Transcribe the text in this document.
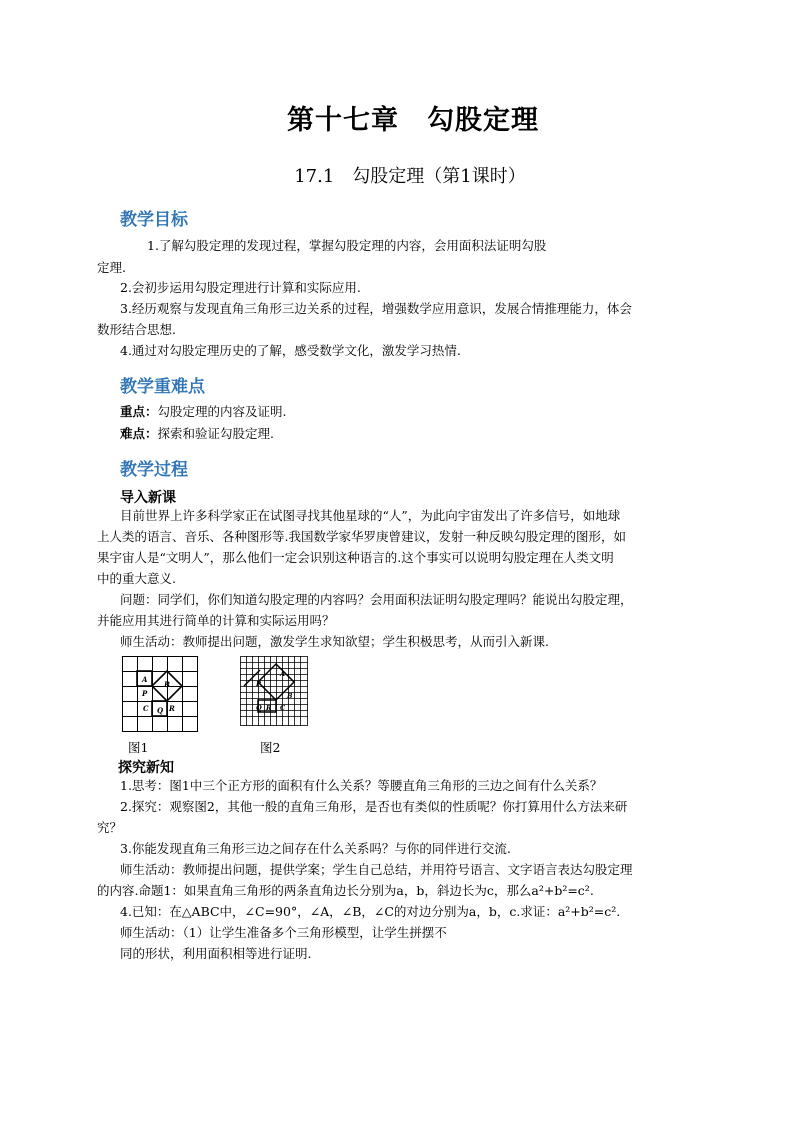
第十七章　勾股定理
17.1　勾股定理（第1课时）
教学目标
1.了解勾股定理的发现过程，掌握勾股定理的内容，会用面积法证明勾股
定理.
2.会初步运用勾股定理进行计算和实际应用.
3.经历观察与发现直角三角形三边关系的过程，增强数学应用意识，发展合情推理能力，体会
数形结合思想.
4.通过对勾股定理历史的了解，感受数学文化，激发学习热情.
教学重难点
重点：勾股定理的内容及证明.
难点：探索和验证勾股定理.
教学过程
导入新课
目前世界上许多科学家正在试图寻找其他星球的“人”，为此向宇宙发出了许多信号，如地球
上人类的语言、音乐、各种图形等.我国数学家华罗庚曾建议，发射一种反映勾股定理的图形，如
果宇宙人是“文明人”，那么他们一定会识别这种语言的.这个事实可以说明勾股定理在人类文明
中的重大意义.
问题：同学们，你们知道勾股定理的内容吗？会用面积法证明勾股定理吗？能说出勾股定理，
并能应用其进行简单的计算和实际运用吗？
师生活动：教师提出问题，激发学生求知欲望；学生积极思考，从而引入新课.
A
B
P
C Q R
图1
A
B
C
P
Q R
图2
探究新知
1.思考：图1中三个正方形的面积有什么关系？等腰直角三角形的三边之间有什么关系？
2.探究：观察图2，其他一般的直角三角形，是否也有类似的性质呢？你打算用什么方法来研
究？
3.你能发现直角三角形三边之间存在什么关系吗？与你的同伴进行交流.
师生活动：教师提出问题，提供学案；学生自己总结，并用符号语言、文字语言表达勾股定理
的内容.命题1：如果直角三角形的两条直角边长分别为a，b，斜边长为c，那么a²+b²=c².
4.已知：在△ABC中，∠C=90°，∠A，∠B，∠C的对边分别为a，b，c.求证：a²+b²=c².
师生活动：（1）让学生准备多个三角形模型，让学生拼摆不
同的形状，利用面积相等进行证明.
